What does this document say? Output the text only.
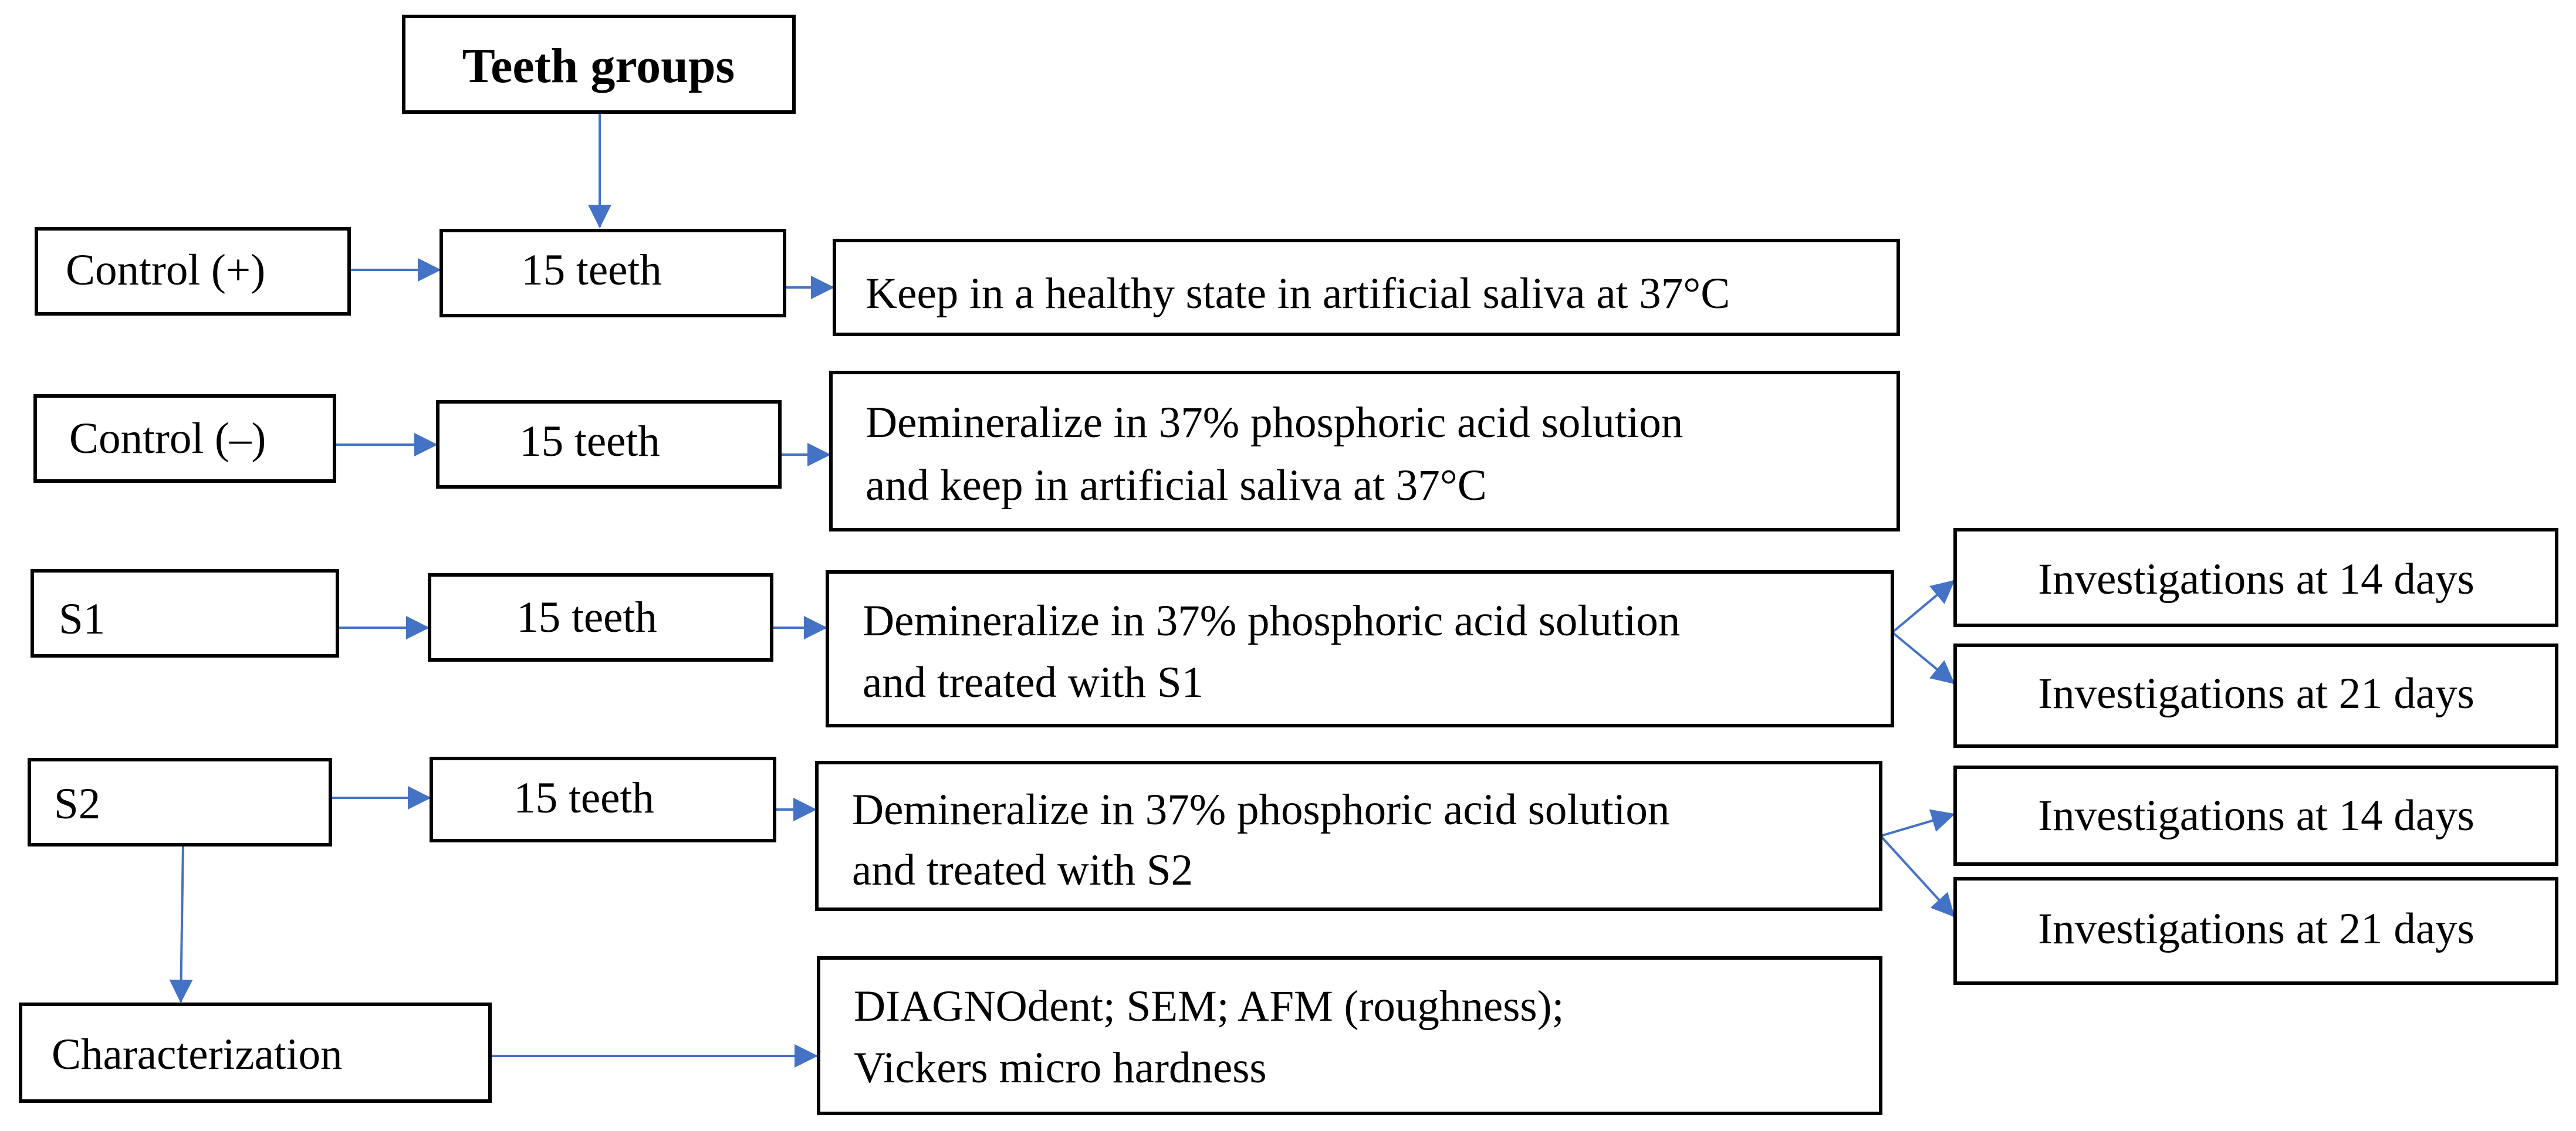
Teeth groups
Control (+)	15 teeth	Keep in a healthy state in artificial saliva at 37°C
Control (–)	15 teeth	Demineralize in 37% phosphoric acid solution
and keep in artificial saliva at 37°C
S1	15 teeth	Demineralize in 37% phosphoric acid solution
and treated with S1
Investigations at 14 days
Investigations at 21 days
S2	15 teeth	Demineralize in 37% phosphoric acid solution
and treated with S2
Investigations at 14 days
Investigations at 21 days
Characterization
DIAGNOdent; SEM; AFM (roughness);
Vickers micro hardness
